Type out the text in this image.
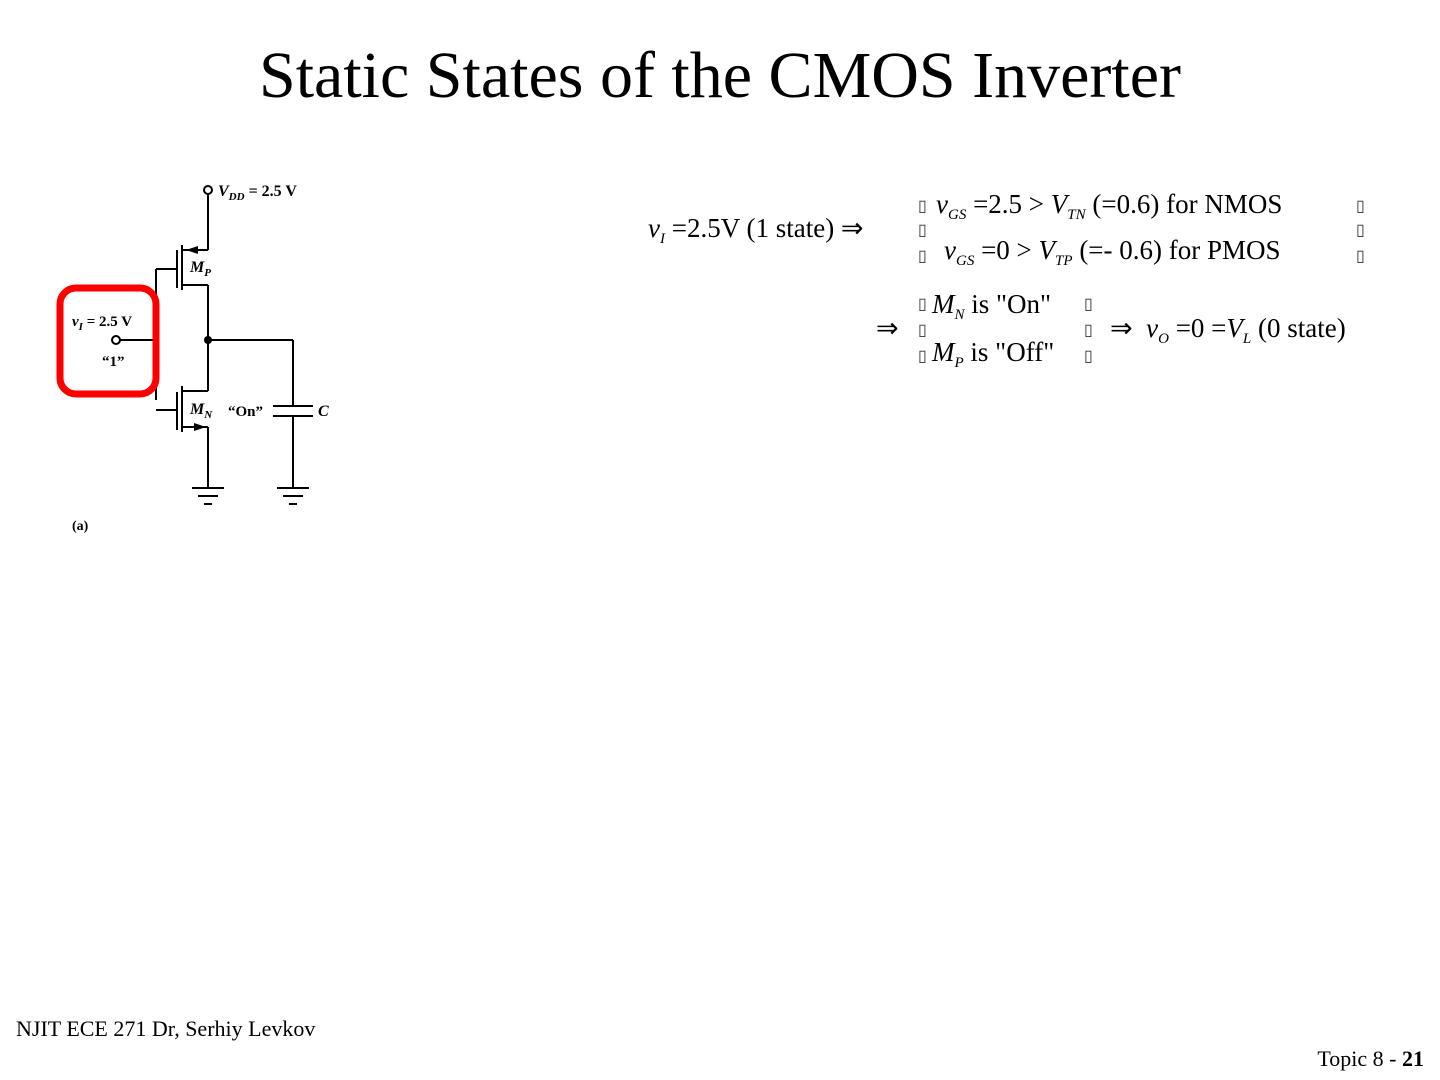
Static States of the CMOS Inverter
$V_{DD} = 2.5$ V
$M_P$
$M_N$ “On”	C
$v_I = 2.5$ V
“1”
(a)
$v_I =2.5V$ (1 state) ⇒
$v_{GS} =2.5 > V_{TN}$ (=0.6) for NMOS
$v_{GS} =0 > V_{TP}$ (=- 0.6) for PMOS
▯
▯
▯
▯
▯
▯
⇒
$M_N$ is "On"
$M_P$ is "Off"
▯
▯
▯
▯
▯
▯
⇒ $v_O =0 =V_L$ (0 state)
NJIT ECE 271 Dr, Serhiy Levkov
Topic 8 - 21
